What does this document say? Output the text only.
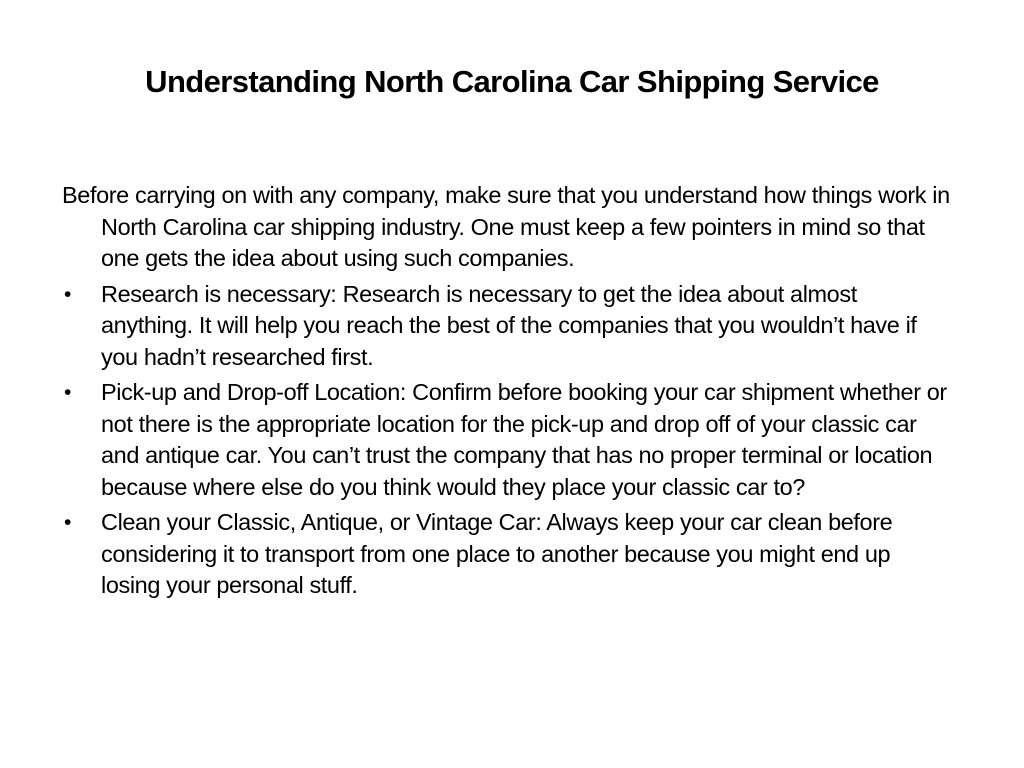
Understanding North Carolina Car Shipping Service

Before carrying on with any company, make sure that you understand how things work in North Carolina car shipping industry. One must keep a few pointers in mind so that one gets the idea about using such companies.

• Research is necessary: Research is necessary to get the idea about almost anything. It will help you reach the best of the companies that you wouldn’t have if you hadn’t researched first.
• Pick-up and Drop-off Location: Confirm before booking your car shipment whether or not there is the appropriate location for the pick-up and drop off of your classic car and antique car. You can’t trust the company that has no proper terminal or location because where else do you think would they place your classic car to?
• Clean your Classic, Antique, or Vintage Car: Always keep your car clean before considering it to transport from one place to another because you might end up losing your personal stuff.
